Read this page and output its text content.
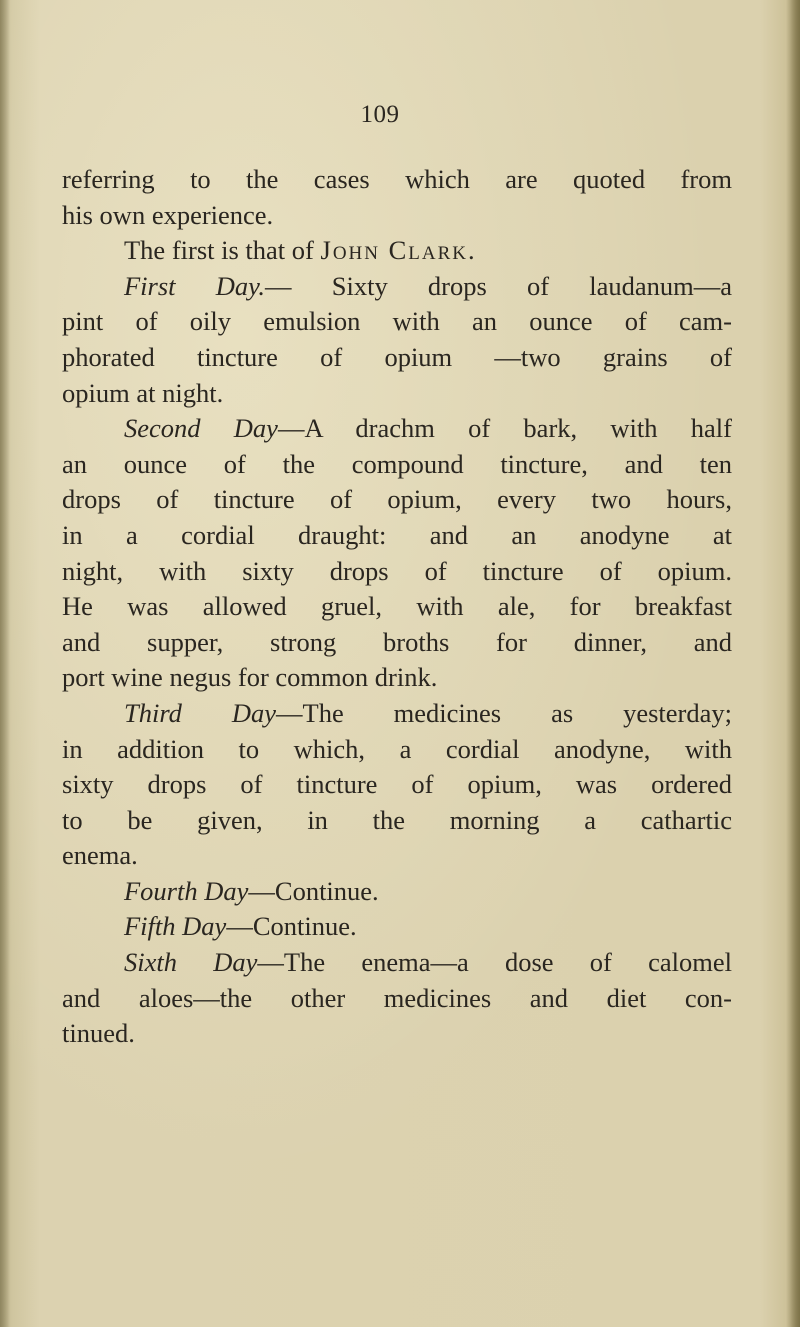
109
referring to the cases which are quoted from
his own experience.
The first is that of John Clark.
First Day.— Sixty drops of laudanum—a
pint of oily emulsion with an ounce of cam-
phorated tincture of opium —two grains of
opium at night.
Second Day—A drachm of bark, with half
an ounce of the compound tincture, and ten
drops of tincture of opium, every two hours,
in a cordial draught: and an anodyne at
night, with sixty drops of tincture of opium.
He was allowed gruel, with ale, for breakfast
and supper, strong broths for dinner, and
port wine negus for common drink.
Third Day—The medicines as yesterday;
in addition to which, a cordial anodyne, with
sixty drops of tincture of opium, was ordered
to be given, in the morning a cathartic
enema.
Fourth Day—Continue.
Fifth Day—Continue.
Sixth Day—The enema—a dose of calomel
and aloes—the other medicines and diet con-
tinued.
